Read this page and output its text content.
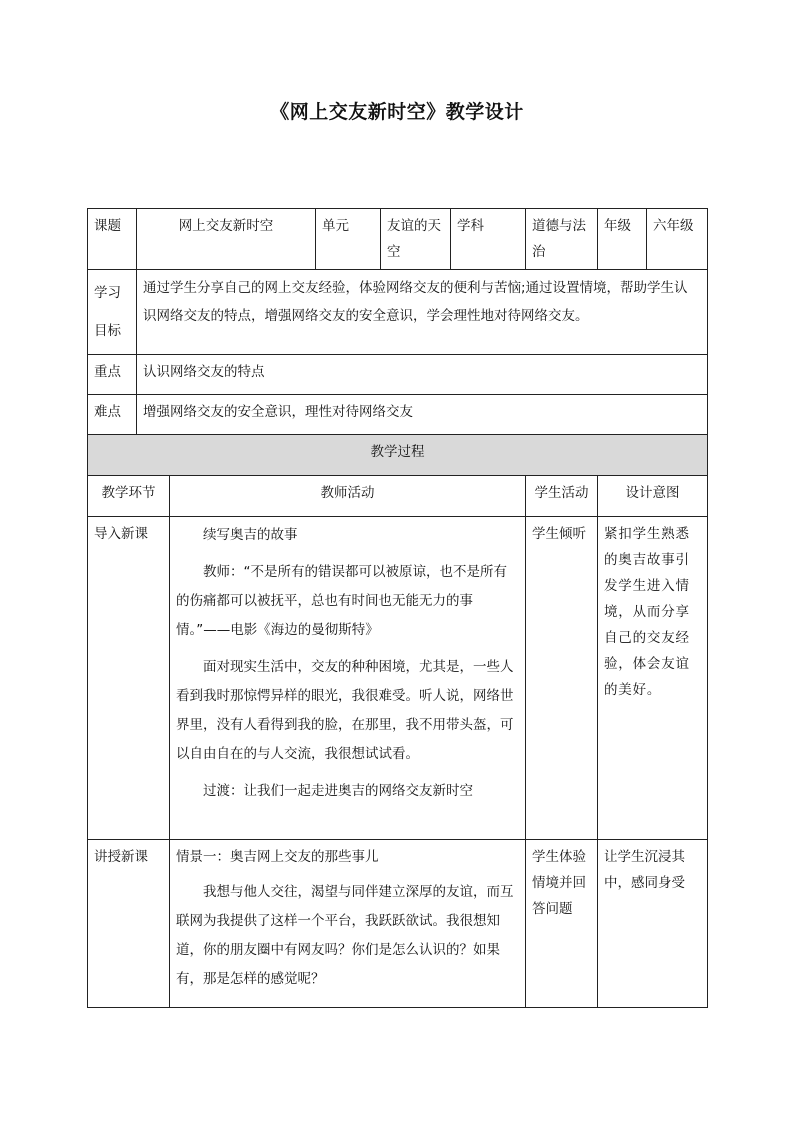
《网上交友新时空》教学设计
课题	网上交友新时空		单元	友谊的天空	学科	道德与法治	年级	六年级
学习目标	通过学生分享自己的网上交友经验，体验网络交友的便利与苦恼;通过设置情境，帮助学生认识网络交友的特点，增强网络交友的安全意识，学会理性地对待网络交友。							
重点	认识网络交友的特点							
难点	增强网络交友的安全意识，理性对待网络交友							
教学过程								
教学环节		教师活动				学生活动	设计意图	
导入新课		续写奥吉的故事

教师：“不是所有的错误都可以被原谅，也不是所有的伤痛都可以被抚平，总也有时间也无能无力的事情。”——电影《海边的曼彻斯特》

面对现实生活中，交友的种种困境，尤其是，一些人看到我时那惊愕异样的眼光，我很难受。听人说，网络世界里，没有人看得到我的脸，在那里，我不用带头盔，可以自由自在的与人交流，我很想试试看。

过渡：让我们一起走进奥吉的网络交友新时空				学生倾听	紧扣学生熟悉的奥吉故事引发学生进入情境，从而分享自己的交友经验，体会友谊的美好。	
讲授新课		情景一：奥吉网上交友的那些事儿

我想与他人交往，渴望与同伴建立深厚的友谊，而互联网为我提供了这样一个平台，我跃跃欲试。我很想知道，你的朋友圈中有网友吗？你们是怎么认识的？如果有，那是怎样的感觉呢？				学生体验情境并回答问题	让学生沉浸其中，感同身受	
